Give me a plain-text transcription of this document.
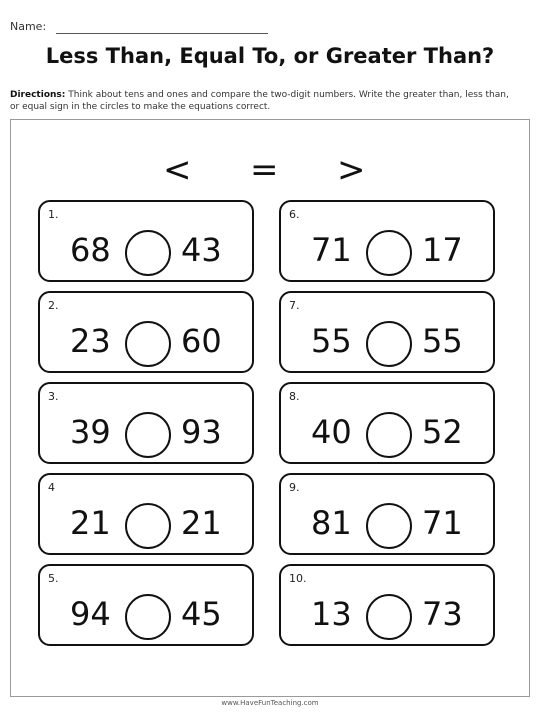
Name:
Less Than, Equal To, or Greater Than?
Directions: Think about tens and ones and compare the two-digit numbers. Write the greater than, less than, or equal sign in the circles to make the equations correct.
< = >
1.
68 43
2.
23 60
3.
39 93
4
21 21
5.
94 45
6.
71 17
7.
55 55
8.
40 52
9.
81 71
10.
13 73
www.HaveFunTeaching.com
